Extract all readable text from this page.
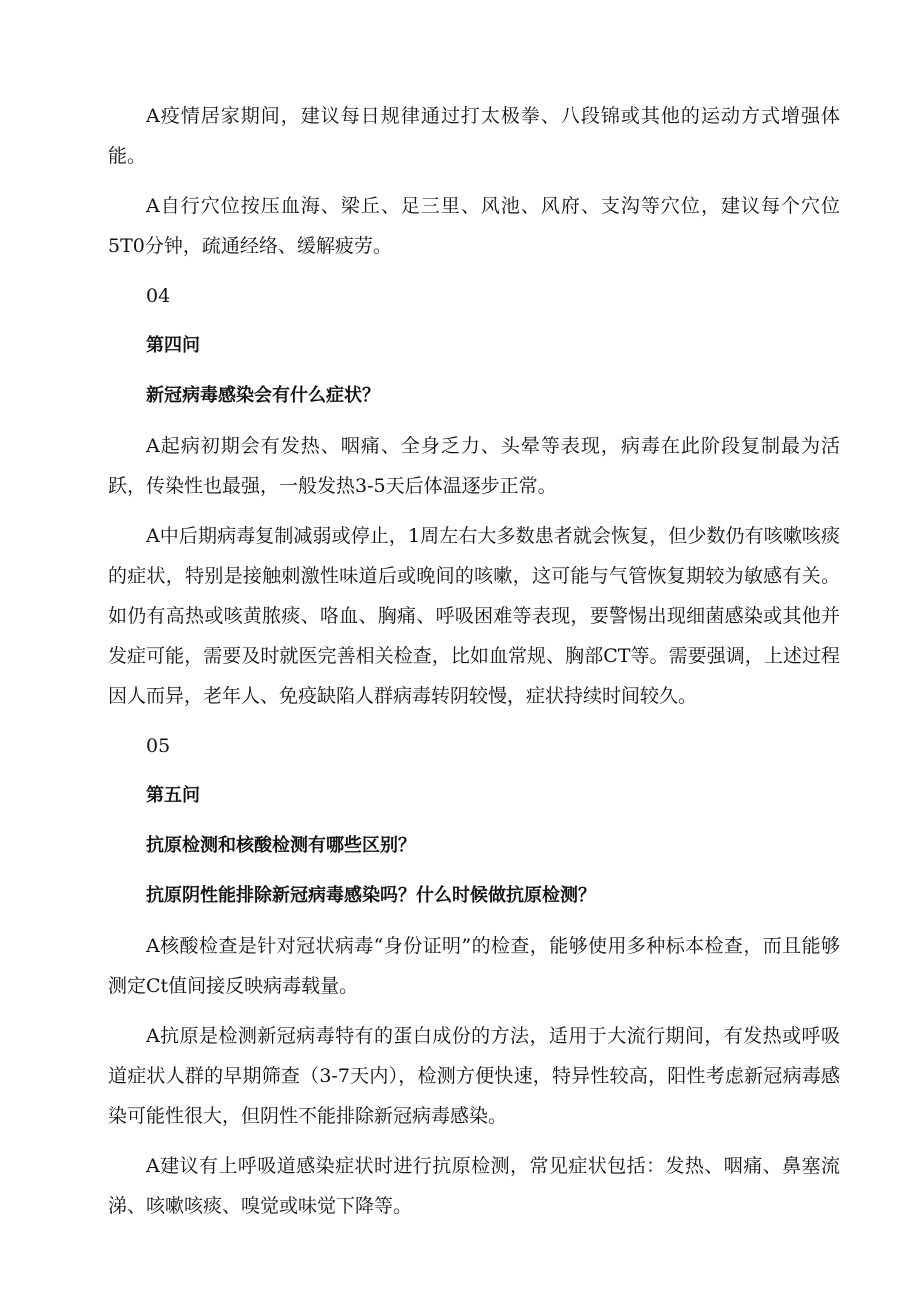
A疫情居家期间，建议每日规律通过打太极拳、八段锦或其他的运动方式增强体能。

A自行穴位按压血海、梁丘、足三里、风池、风府、支沟等穴位，建议每个穴位5T0分钟，疏通经络、缓解疲劳。

04

第四问

新冠病毒感染会有什么症状？

A起病初期会有发热、咽痛、全身乏力、头晕等表现，病毒在此阶段复制最为活跃，传染性也最强，一般发热3-5天后体温逐步正常。

A中后期病毒复制减弱或停止，1周左右大多数患者就会恢复，但少数仍有咳嗽咳痰的症状，特别是接触刺激性味道后或晚间的咳嗽，这可能与气管恢复期较为敏感有关。如仍有高热或咳黄脓痰、咯血、胸痛、呼吸困难等表现，要警惕出现细菌感染或其他并发症可能，需要及时就医完善相关检查，比如血常规、胸部CT等。需要强调，上述过程因人而异，老年人、免疫缺陷人群病毒转阴较慢，症状持续时间较久。

05

第五问

抗原检测和核酸检测有哪些区别？

抗原阴性能排除新冠病毒感染吗？什么时候做抗原检测？

A核酸检查是针对冠状病毒“身份证明”的检查，能够使用多种标本检查，而且能够测定Ct值间接反映病毒载量。

A抗原是检测新冠病毒特有的蛋白成份的方法，适用于大流行期间，有发热或呼吸道症状人群的早期筛查（3-7天内），检测方便快速，特异性较高，阳性考虑新冠病毒感染可能性很大，但阴性不能排除新冠病毒感染。

A建议有上呼吸道感染症状时进行抗原检测，常见症状包括：发热、咽痛、鼻塞流涕、咳嗽咳痰、嗅觉或味觉下降等。
